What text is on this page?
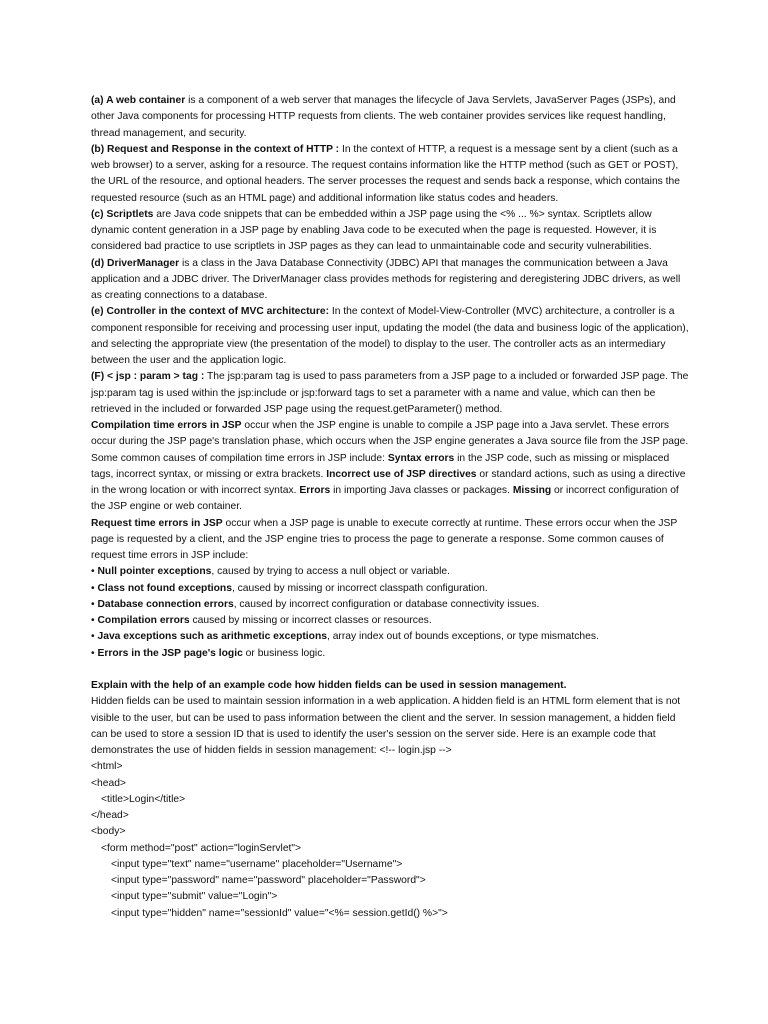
(a) A web container is a component of a web server that manages the lifecycle of Java Servlets, JavaServer Pages (JSPs), and other Java components for processing HTTP requests from clients. The web container provides services like request handling, thread management, and security.

(b) Request and Response in the context of HTTP : In the context of HTTP, a request is a message sent by a client (such as a web browser) to a server, asking for a resource. The request contains information like the HTTP method (such as GET or POST), the URL of the resource, and optional headers. The server processes the request and sends back a response, which contains the requested resource (such as an HTML page) and additional information like status codes and headers.

(c) Scriptlets are Java code snippets that can be embedded within a JSP page using the <% ... %> syntax. Scriptlets allow dynamic content generation in a JSP page by enabling Java code to be executed when the page is requested. However, it is considered bad practice to use scriptlets in JSP pages as they can lead to unmaintainable code and security vulnerabilities.

(d) DriverManager is a class in the Java Database Connectivity (JDBC) API that manages the communication between a Java application and a JDBC driver. The DriverManager class provides methods for registering and deregistering JDBC drivers, as well as creating connections to a database.

(e) Controller in the context of MVC architecture: In the context of Model-View-Controller (MVC) architecture, a controller is a component responsible for receiving and processing user input, updating the model (the data and business logic of the application), and selecting the appropriate view (the presentation of the model) to display to the user. The controller acts as an intermediary between the user and the application logic.

(F) < jsp : param > tag : The jsp:param tag is used to pass parameters from a JSP page to a included or forwarded JSP page. The jsp:param tag is used within the jsp:include or jsp:forward tags to set a parameter with a name and value, which can then be retrieved in the included or forwarded JSP page using the request.getParameter() method.

Compilation time errors in JSP occur when the JSP engine is unable to compile a JSP page into a Java servlet. These errors occur during the JSP page's translation phase, which occurs when the JSP engine generates a Java source file from the JSP page. Some common causes of compilation time errors in JSP include: Syntax errors in the JSP code, such as missing or misplaced tags, incorrect syntax, or missing or extra brackets. Incorrect use of JSP directives or standard actions, such as using a directive in the wrong location or with incorrect syntax. Errors in importing Java classes or packages. Missing or incorrect configuration of the JSP engine or web container.

Request time errors in JSP occur when a JSP page is unable to execute correctly at runtime. These errors occur when the JSP page is requested by a client, and the JSP engine tries to process the page to generate a response. Some common causes of request time errors in JSP include:

• Null pointer exceptions, caused by trying to access a null object or variable.

• Class not found exceptions, caused by missing or incorrect classpath configuration.

• Database connection errors, caused by incorrect configuration or database connectivity issues.

• Compilation errors caused by missing or incorrect classes or resources.

• Java exceptions such as arithmetic exceptions, array index out of bounds exceptions, or type mismatches.

• Errors in the JSP page's logic or business logic.

Explain with the help of an example code how hidden fields can be used in session management.

Hidden fields can be used to maintain session information in a web application. A hidden field is an HTML form element that is not visible to the user, but can be used to pass information between the client and the server. In session management, a hidden field can be used to store a session ID that is used to identify the user's session on the server side. Here is an example code that demonstrates the use of hidden fields in session management: <!-- login.jsp -->

<html>
<head>
<title>Login</title>
</head>
<body>
<form method="post" action="loginServlet">
<input type="text" name="username" placeholder="Username">
<input type="password" name="password" placeholder="Password">
<input type="submit" value="Login">
<input type="hidden" name="sessionId" value="<%= session.getId() %>">
